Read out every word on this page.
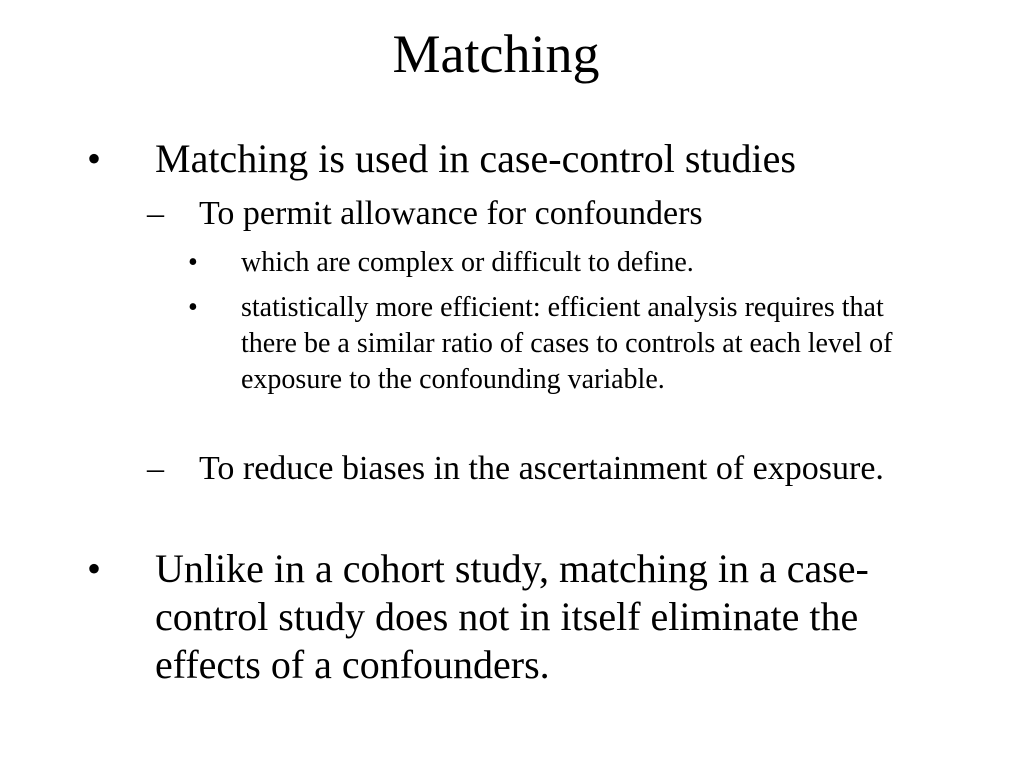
Matching
• Matching is used in case-control studies
– To permit allowance for confounders
• which are complex or difficult to define.
• statistically more efficient: efficient analysis requires that there be a similar ratio of cases to controls at each level of exposure to the confounding variable.
– To reduce biases in the ascertainment of exposure.
• Unlike in a cohort study, matching in a case-control study does not in itself eliminate the effects of a confounders.
